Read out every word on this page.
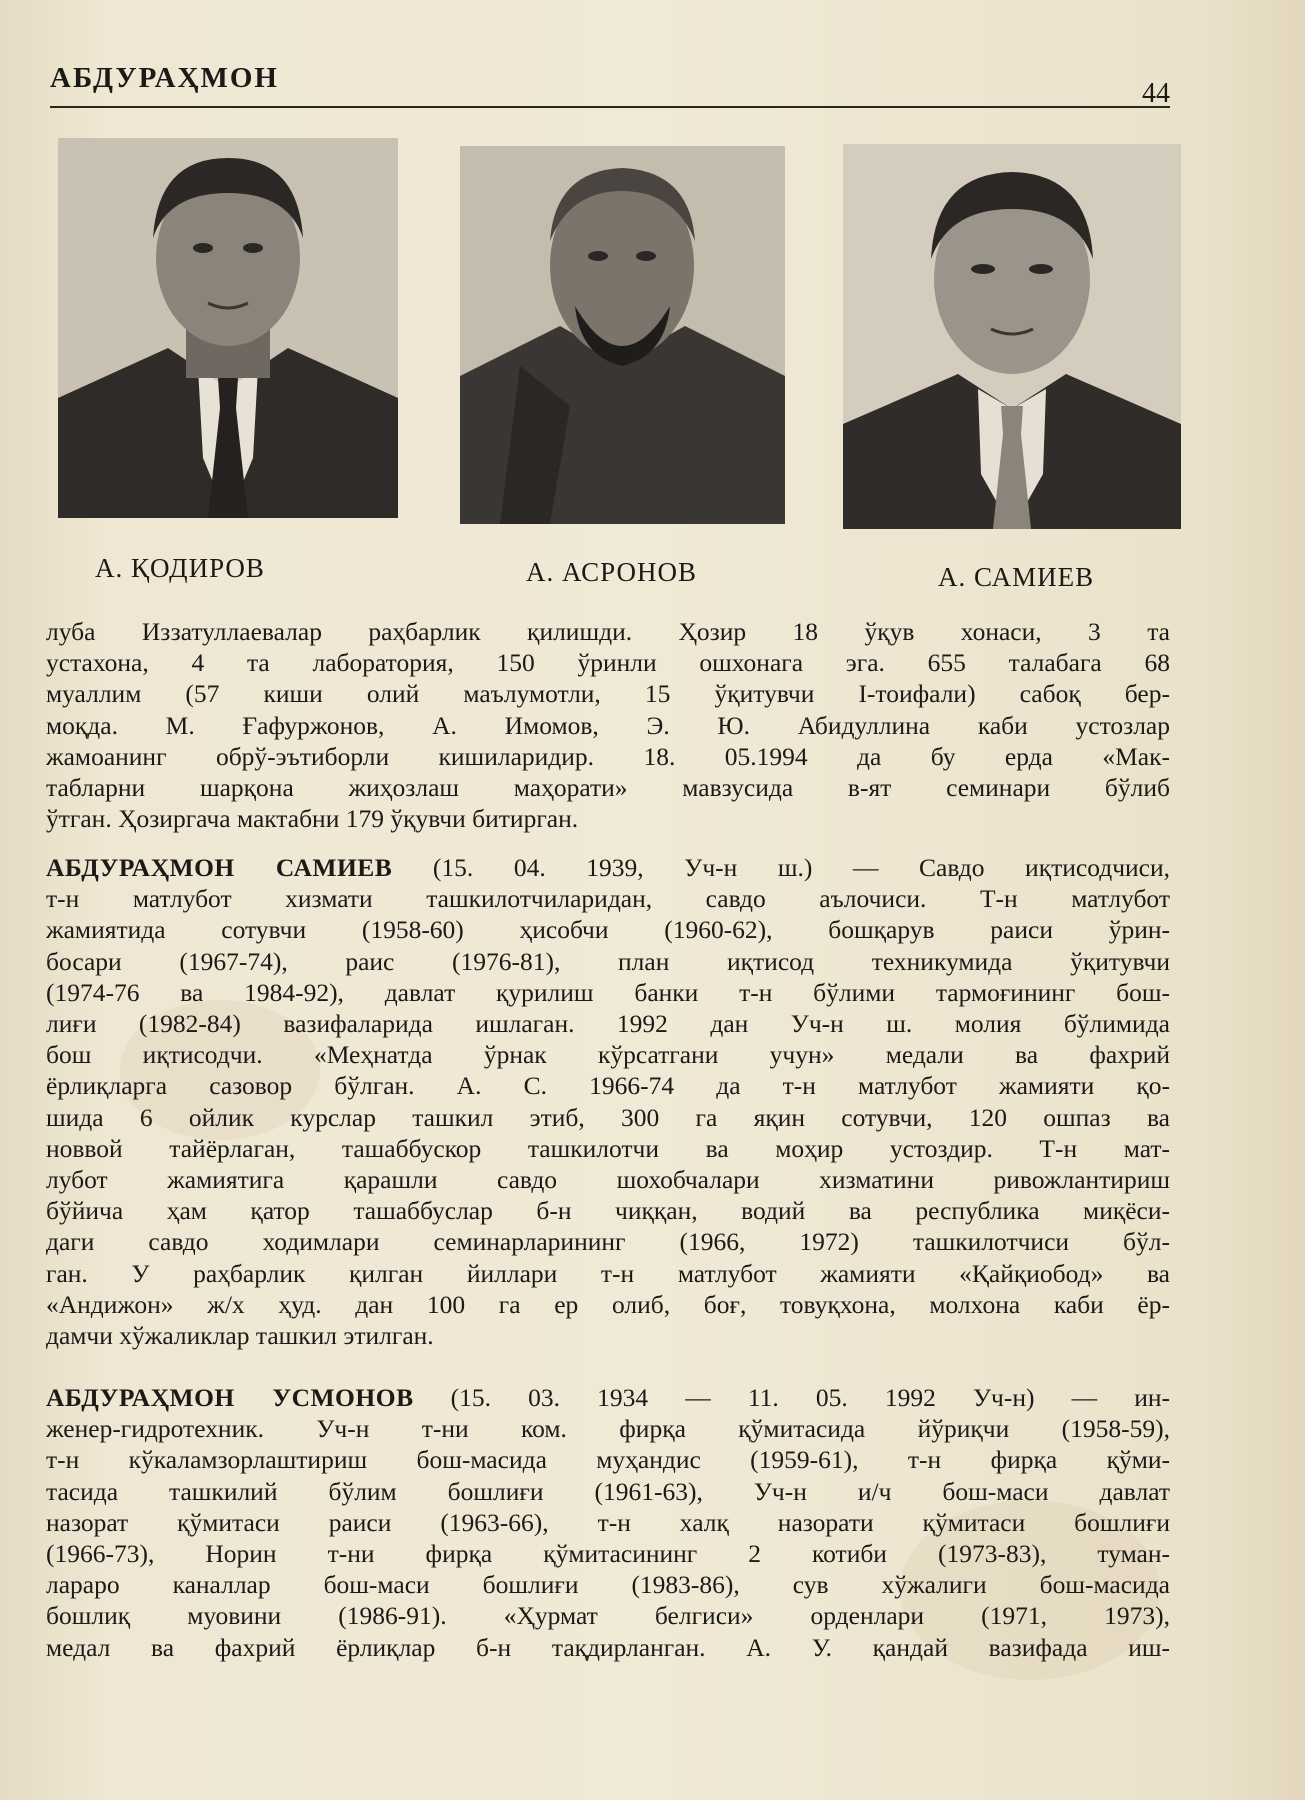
АБДУРАҲМОН	44
А. ҚОДИРОВ	А. АСРОНОВ	А. САМИЕВ
луба Иззатуллаевалар раҳбарлик қилишди. Ҳозир 18 ўқув хонаси, 3 та
устахона, 4 та лаборатория, 150 ўринли ошхонага эга. 655 талабага 68
муаллим (57 киши олий маълумотли, 15 ўқитувчи I-тоифали) сабоқ бер-
моқда. М. Ғафуржонов, А. Имомов, Э. Ю. Абидуллина каби устозлар
жамоанинг обрў-эътиборли кишиларидир. 18. 05.1994 да бу ерда «Мак-
табларни шарқона жиҳозлаш маҳорати» мавзусида в-ят семинари бўлиб
ўтган. Ҳозиргача мактабни 179 ўқувчи битирган.
АБДУРАҲМОН САМИЕВ (15. 04. 1939, Уч-н ш.) — Савдо иқтисодчиси,
т-н матлубот хизмати ташкилотчиларидан, савдо аълочиси. Т-н матлубот
жамиятида сотувчи (1958-60) ҳисобчи (1960-62), бошқарув раиси ўрин-
босари (1967-74), раис (1976-81), план иқтисод техникумида ўқитувчи
(1974-76 ва 1984-92), давлат қурилиш банки т-н бўлими тармоғининг бош-
лиғи (1982-84) вазифаларида ишлаган. 1992 дан Уч-н ш. молия бўлимида
бош иқтисодчи. «Меҳнатда ўрнак кўрсатгани учун» медали ва фахрий
ёрлиқларга сазовор бўлган. А. С. 1966-74 да т-н матлубот жамияти қо-
шида 6 ойлик курслар ташкил этиб, 300 га яқин сотувчи, 120 ошпаз ва
новвой тайёрлаган, ташаббускор ташкилотчи ва моҳир устоздир. Т-н мат-
лубот жамиятига қарашли савдо шохобчалари хизматини ривожлантириш
бўйича ҳам қатор ташаббуслар б-н чиққан, водий ва республика миқёси-
даги савдо ходимлари семинарларининг (1966, 1972) ташкилотчиси бўл-
ган. У раҳбарлик қилган йиллари т-н матлубот жамияти «Қайқиобод» ва
«Андижон» ж/х ҳуд. дан 100 га ер олиб, боғ, товуқхона, молхона каби ёр-
дамчи хўжаликлар ташкил этилган.
АБДУРАҲМОН УСМОНОВ (15. 03. 1934 — 11. 05. 1992 Уч-н) — ин-
женер-гидротехник. Уч-н т-ни ком. фирқа қўмитасида йўриқчи (1958-59),
т-н кўкаламзорлаштириш бош-масида муҳандис (1959-61), т-н фирқа қўми-
тасида ташкилий бўлим бошлиғи (1961-63), Уч-н и/ч бош-маси давлат
назорат қўмитаси раиси (1963-66), т-н халқ назорати қўмитаси бошлиғи
(1966-73), Норин т-ни фирқа қўмитасининг 2 котиби (1973-83), туман-
лараро каналлар бош-маси бошлиғи (1983-86), сув хўжалиги бош-масида
бошлиқ муовини (1986-91). «Ҳурмат белгиси» орденлари (1971, 1973),
медал ва фахрий ёрлиқлар б-н тақдирланган. А. У. қандай вазифада иш-
